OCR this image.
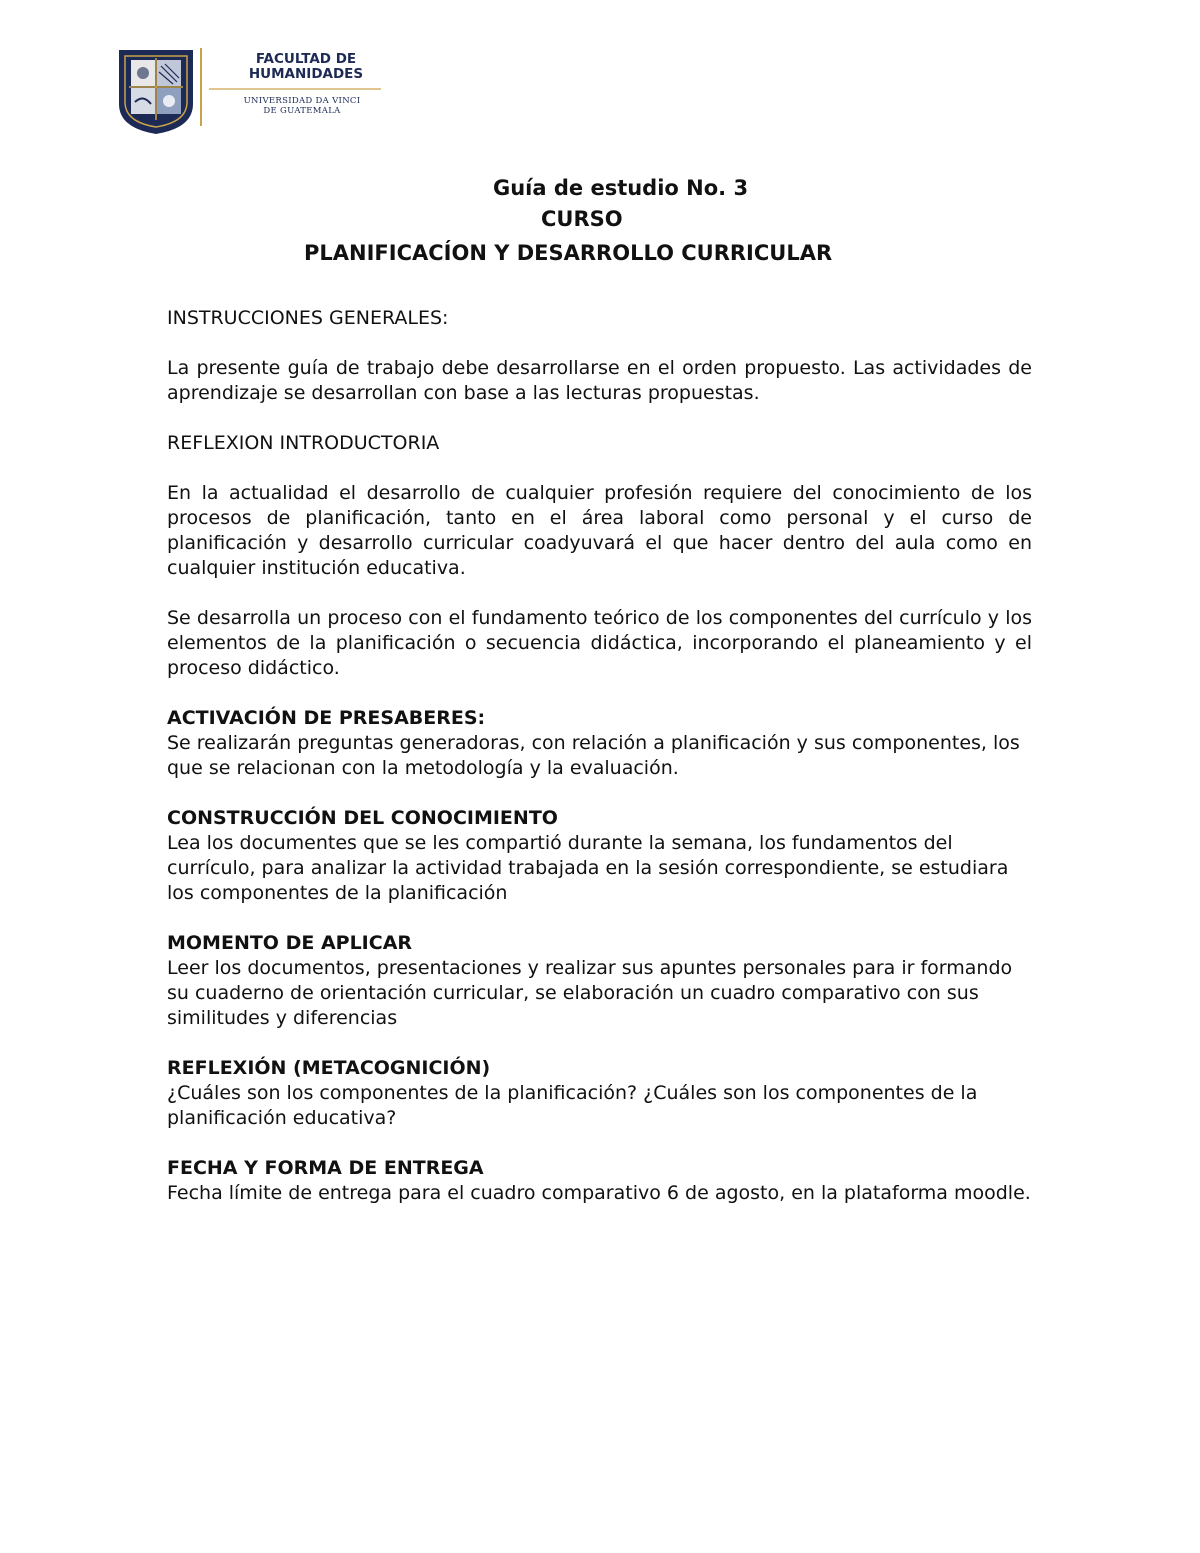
FACULTAD DE
HUMANIDADES
UNIVERSIDAD DA VINCI
DE GUATEMALA

Guía de estudio No. 3

CURSO

PLANIFICACÍON Y DESARROLLO CURRICULAR

INSTRUCCIONES GENERALES:

La presente guía de trabajo debe desarrollarse en el orden propuesto. Las actividades de aprendizaje se desarrollan con base a las lecturas propuestas.

REFLEXION INTRODUCTORIA

En la actualidad el desarrollo de cualquier profesión requiere del conocimiento de los procesos de planificación, tanto en el área laboral como personal y el curso de planificación y desarrollo curricular coadyuvará el que hacer dentro del aula como en cualquier institución educativa.

Se desarrolla un proceso con el fundamento teórico de los componentes del currículo y los elementos de la planificación o secuencia didáctica, incorporando el planeamiento y el proceso didáctico.

ACTIVACIÓN DE PRESABERES:

Se realizarán preguntas generadoras, con relación a planificación y sus componentes, los que se relacionan con la metodología y la evaluación.

CONSTRUCCIÓN DEL CONOCIMIENTO

Lea los documentes que se les compartió durante la semana, los fundamentos del currículo, para analizar la actividad trabajada en la sesión correspondiente, se estudiara los componentes de la planificación

MOMENTO DE APLICAR

Leer los documentos, presentaciones y realizar sus apuntes personales para ir formando su cuaderno de orientación curricular, se elaboración un cuadro comparativo con sus similitudes y diferencias

REFLEXIÓN (METACOGNICIÓN)

¿Cuáles son los componentes de la planificación? ¿Cuáles son los componentes de la planificación educativa?

FECHA Y FORMA DE ENTREGA

Fecha límite de entrega para el cuadro comparativo 6 de agosto, en la plataforma moodle.
